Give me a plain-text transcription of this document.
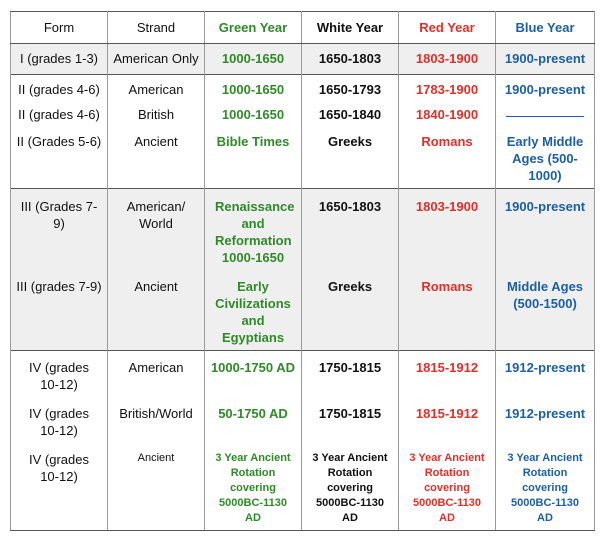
Form	Strand	Green Year	White Year	Red Year	Blue Year
I (grades 1-3)	American Only	1000-1650	1650-1803	1803-1900	1900-present
II (grades 4-6)	American	1000-1650	1650-1793	1783-1900	1900-present
II (grades 4-6)	British	1000-1650	1650-1840	1840-1900	
II (Grades 5-6)	Ancient	Bible Times	Greeks	Romans	Early Middle Ages (500-1000)
III (Grades 7-9)	American/ World	Renaissance and Reformation 1000-1650	1650-1803	1803-1900	1900-present
III (grades 7-9)	Ancient	Early Civilizations and Egyptians	Greeks	Romans	Middle Ages (500-1500)
IV (grades 10-12)	American	1000-1750 AD	1750-1815	1815-1912	1912-present
IV (grades 10-12)	British/World	50-1750 AD	1750-1815	1815-1912	1912-present
IV (grades 10-12)	Ancient	3 Year Ancient Rotation covering 5000BC-1130 AD	3 Year Ancient Rotation covering 5000BC-1130 AD	3 Year Ancient Rotation covering 5000BC-1130 AD	3 Year Ancient Rotation covering 5000BC-1130 AD
